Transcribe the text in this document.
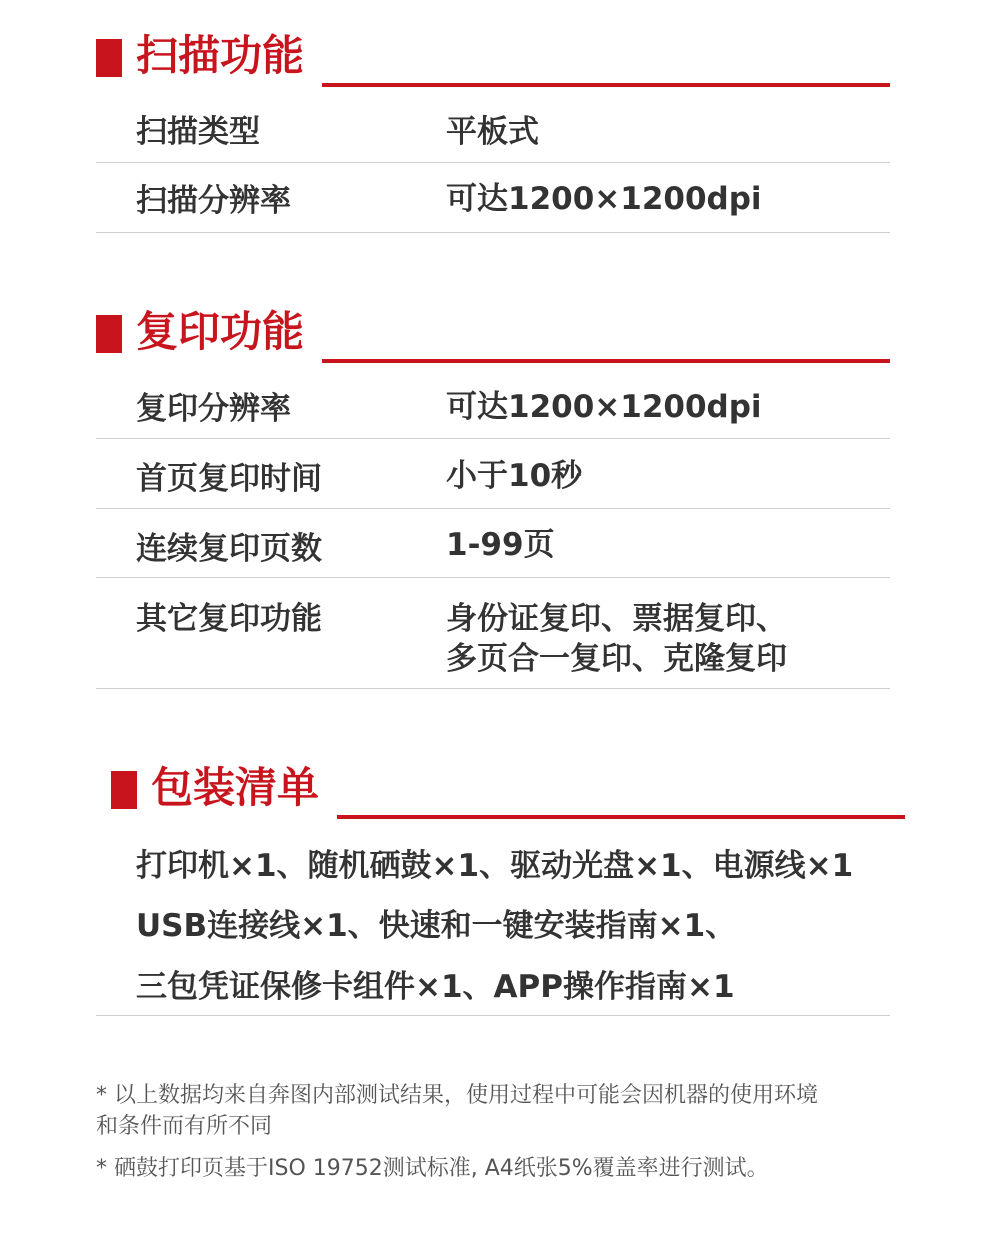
扫描功能
扫描类型	平板式
扫描分辨率	可达1200×1200dpi
复印功能
复印分辨率	可达1200×1200dpi
首页复印时间	小于10秒
连续复印页数	1-99页
其它复印功能	身份证复印、票据复印、
多页合一复印、克隆复印
包装清单
打印机×1、随机硒鼓×1、驱动光盘×1、电源线×1
USB连接线×1、快速和一键安装指南×1、
三包凭证保修卡组件×1、APP操作指南×1
* 以上数据均来自奔图内部测试结果，使用过程中可能会因机器的使用环境
和条件而有所不同
* 硒鼓打印页基于ISO 19752测试标准, A4纸张5%覆盖率进行测试。
